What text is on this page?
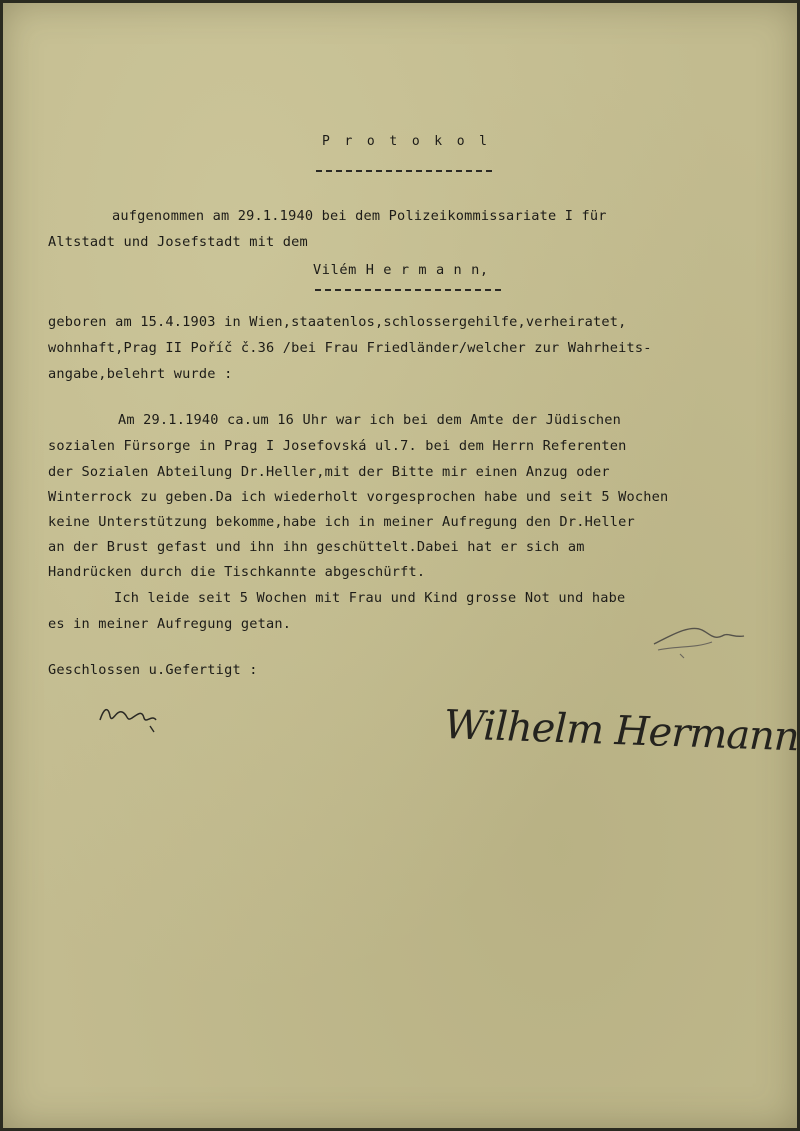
P r o t o k o l
aufgenommen am 29.1.1940 bei dem Polizeikommissariate I für
Altstadt und Josefstadt mit dem
Vilém H e r m a n n,
geboren am 15.4.1903 in Wien,staatenlos,schlossergehilfe,verheiratet,
wohnhaft,Prag II Poříč č.36 /bei Frau Friedländer/welcher zur Wahrheits-
angabe,belehrt wurde :
Am 29.1.1940 ca.um 16 Uhr war ich bei dem Amte der Jüdischen
sozialen Fürsorge in Prag I Josefovská ul.7. bei dem Herrn Referenten
der Sozialen Abteilung Dr.Heller,mit der Bitte mir einen Anzug oder
Winterrock zu geben.Da ich wiederholt vorgesprochen habe und seit 5 Wochen
keine Unterstützung bekomme,habe ich in meiner Aufregung den Dr.Heller
an der Brust gefast und ihn ihn geschüttelt.Dabei hat er sich am
Handrücken durch die Tischkannte abgeschürft.
Ich leide seit 5 Wochen mit Frau und Kind grosse Not und habe
es in meiner Aufregung getan.
Geschlossen u.Gefertigt :
Wilhelm Hermann
